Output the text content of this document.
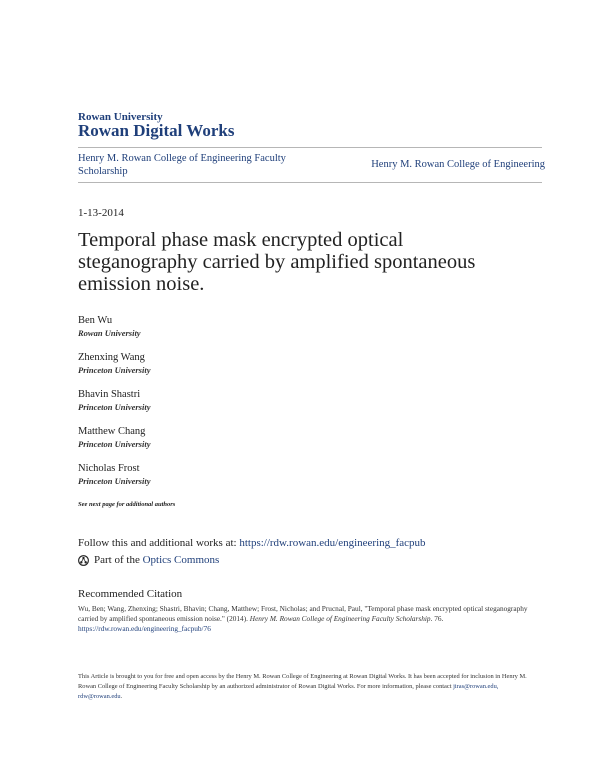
Rowan University
Rowan Digital Works
Henry M. Rowan College of Engineering Faculty Scholarship
Henry M. Rowan College of Engineering
1-13-2014
Temporal phase mask encrypted optical steganography carried by amplified spontaneous emission noise.
Ben Wu
Rowan University
Zhenxing Wang
Princeton University
Bhavin Shastri
Princeton University
Matthew Chang
Princeton University
Nicholas Frost
Princeton University
See next page for additional authors
Follow this and additional works at: https://rdw.rowan.edu/engineering_facpub
Part of the
Optics Commons
Recommended Citation
Wu, Ben; Wang, Zhenxing; Shastri, Bhavin; Chang, Matthew; Frost, Nicholas; and Prucnal, Paul, "Temporal phase mask encrypted optical steganography carried by amplified spontaneous emission noise." (2014). Henry M. Rowan College of Engineering Faculty Scholarship. 76.
https://rdw.rowan.edu/engineering_facpub/76
This Article is brought to you for free and open access by the Henry M. Rowan College of Engineering at Rowan Digital Works. It has been accepted for inclusion in Henry M. Rowan College of Engineering Faculty Scholarship by an authorized administrator of Rowan Digital Works. For more information, please contact jiras@rowan.edu, rdw@rowan.edu.
